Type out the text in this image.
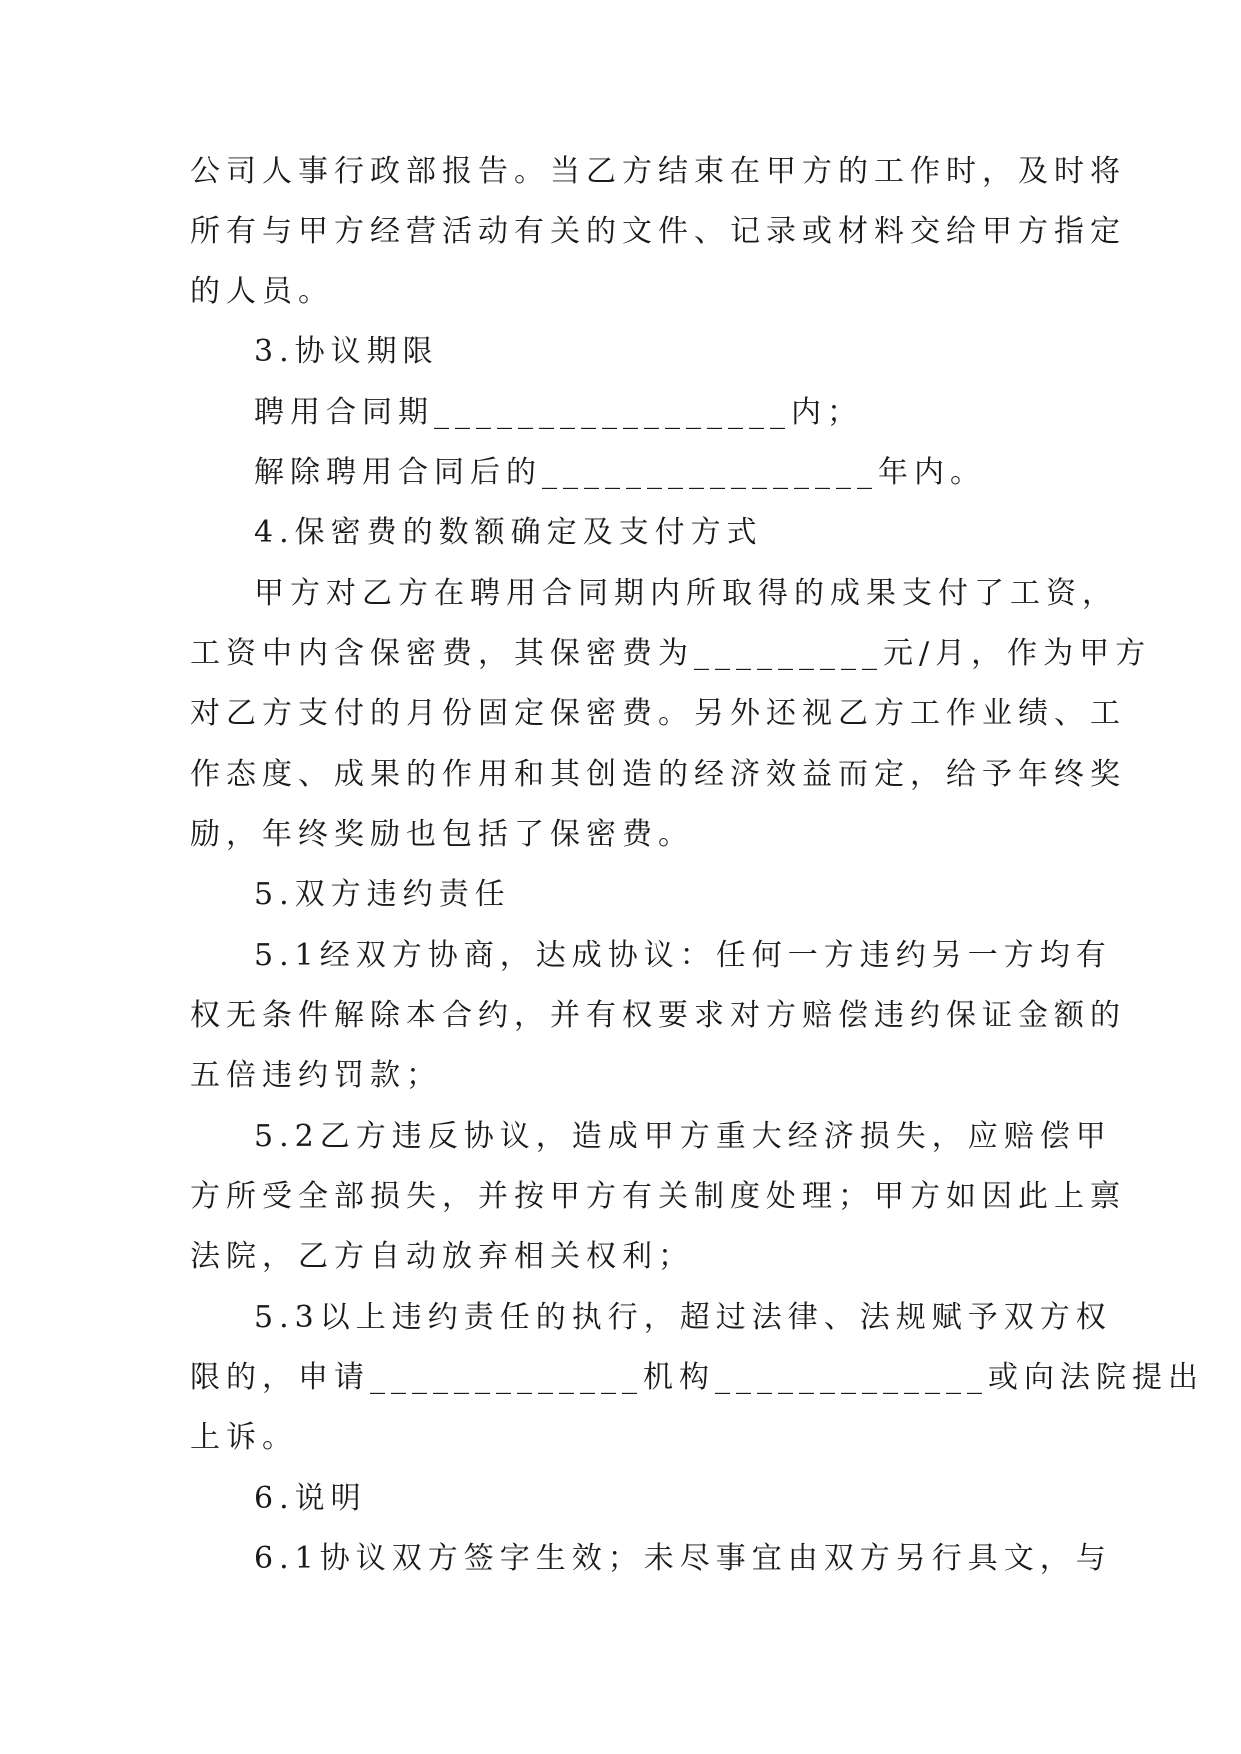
公司人事行政部报告。当乙方结束在甲方的工作时，及时将
所有与甲方经营活动有关的文件、记录或材料交给甲方指定
的人员。
3.协议期限
聘用合同期_________________内；
解除聘用合同后的________________年内。
4.保密费的数额确定及支付方式
甲方对乙方在聘用合同期内所取得的成果支付了工资，
工资中内含保密费，其保密费为_________元/月，作为甲方
对乙方支付的月份固定保密费。另外还视乙方工作业绩、工
作态度、成果的作用和其创造的经济效益而定，给予年终奖
励，年终奖励也包括了保密费。
5.双方违约责任
5.1经双方协商，达成协议：任何一方违约另一方均有
权无条件解除本合约，并有权要求对方赔偿违约保证金额的
五倍违约罚款；
5.2乙方违反协议，造成甲方重大经济损失，应赔偿甲
方所受全部损失，并按甲方有关制度处理；甲方如因此上禀
法院，乙方自动放弃相关权利；
5.3以上违约责任的执行，超过法律、法规赋予双方权
限的，申请_____________机构_____________或向法院提出
上诉。
6.说明
6.1协议双方签字生效；未尽事宜由双方另行具文，与
